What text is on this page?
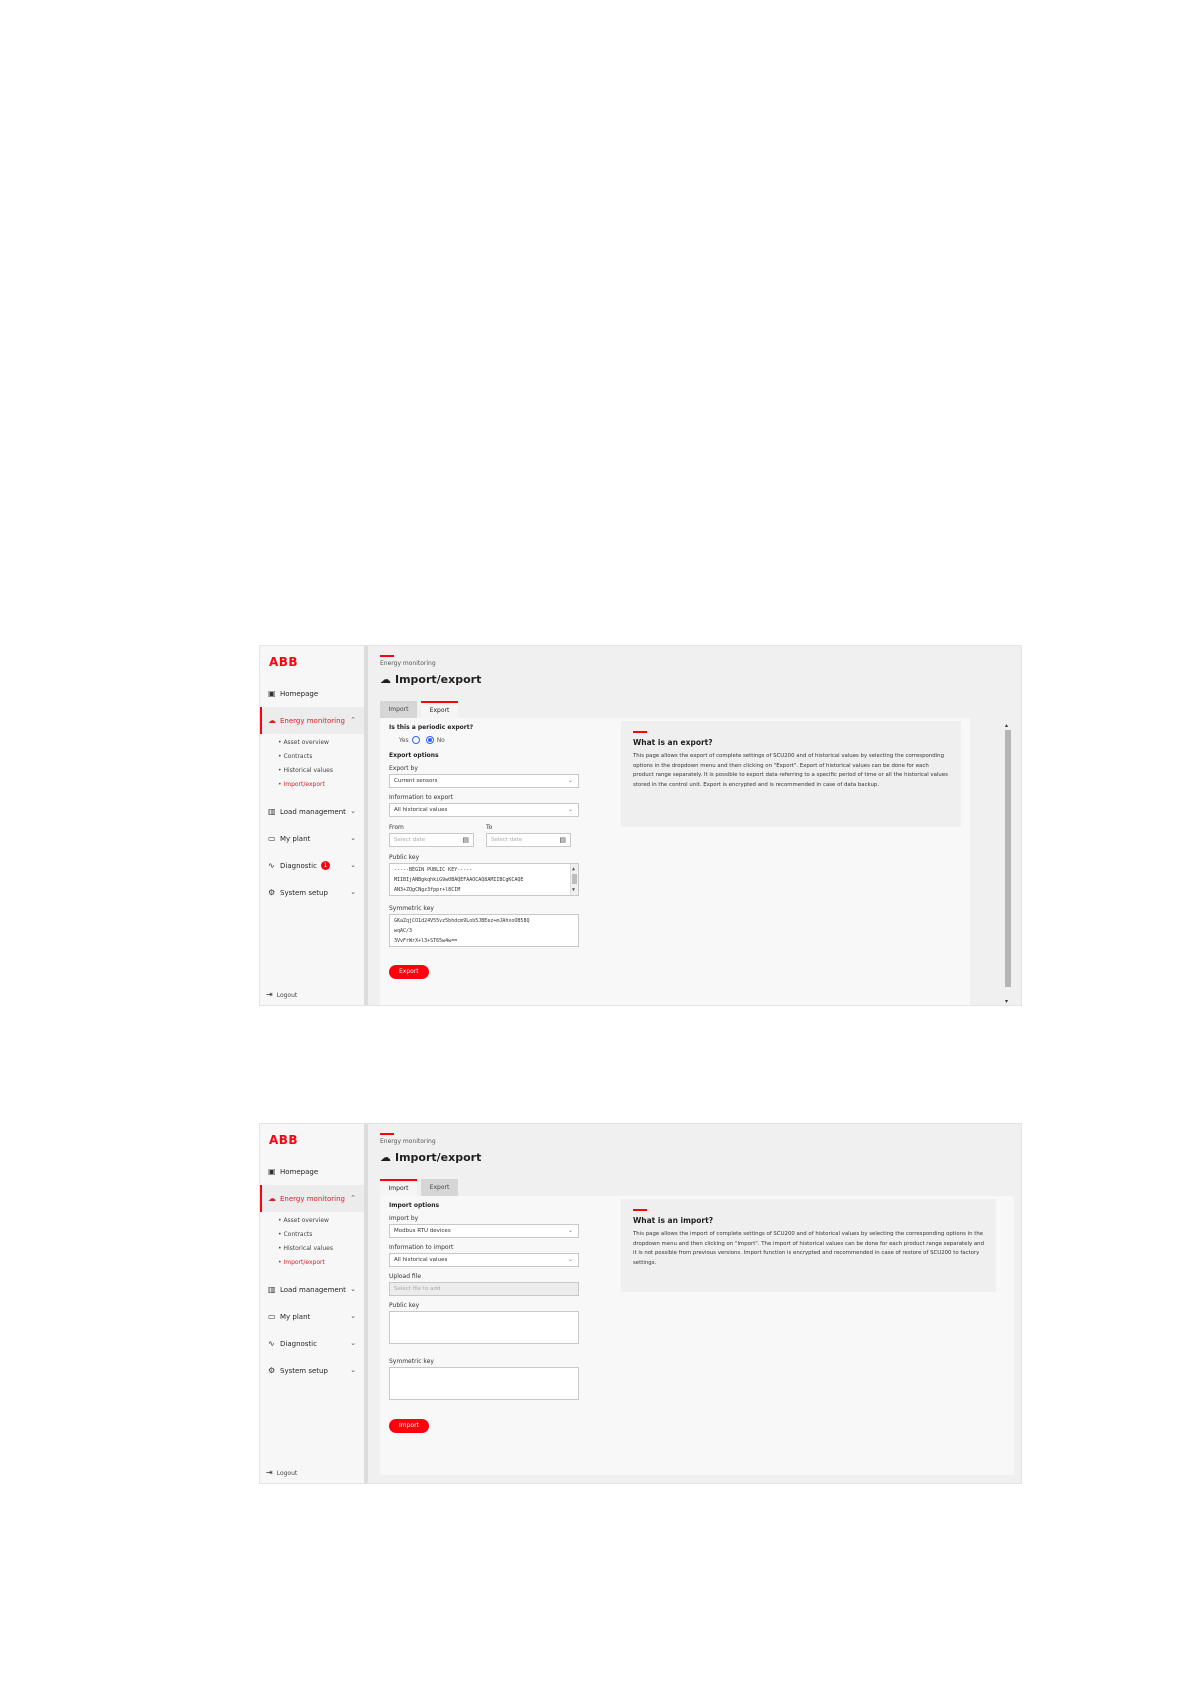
ABB
▣ Homepage
☁ Energy monitoring ⌃
• Asset overview
• Contracts
• Historical values
• Import/export
▥ Load management ⌄
▭ My plant	⌄
∿ Diagnostic	1	⌄
⚙ System setup	⌄
⇥ Logout
Energy monitoring
☁ Import/export
Import	Export
Is this a periodic export?
Yes	No
Export options
Export by
Current sensors	⌄
Information to export
All historical values	⌄
From
Select date	▤
To
Select date	▤
Public key
-----BEGIN PUBLIC KEY-----
MIIBIjANBgkqhkiG9w0BAQEFAAOCAQ8AMIIBCgKCAQE
AN3+ZQgCNgz3fppr+l8CIM
▲
▼
Symmetric key
GKaZqjCO1d24V55vz5bhdcm9Lob5JBEez+mJAhxoOB58Q
wqAC/3
3VvFrWrX+l3+ST65w4w==
Export
What is an export?
This page allows the export of complete settings of SCU200 and of historical values by selecting the corresponding options in the dropdown menu and then clicking on "Export". Export of historical values can be done for each product range separately. It is possible to export data referring to a specific period of time or all the historical values stored in the control unit. Export is encrypted and is recommended in case of data backup.
▴
▾
ABB
▣ Homepage
☁ Energy monitoring ⌃
• Asset overview
• Contracts
• Historical values
• Import/export
▥ Load management ⌄
▭ My plant	⌄
∿ Diagnostic	⌄
⚙ System setup	⌄
⇥ Logout
Energy monitoring
☁ Import/export
Import	Export
Import options
Import by
Modbus RTU devices	⌄
Information to import
All historical values	⌄
Upload file
Select file to add
Public key
Symmetric key
Import
What is an import?
This page allows the import of complete settings of SCU200 and of historical values by selecting the corresponding options in the dropdown menu and then clicking on "Import". The import of historical values can be done for each product range separately and it is not possible from previous versions. Import function is encrypted and recommended in case of restore of SCU200 to factory settings.
